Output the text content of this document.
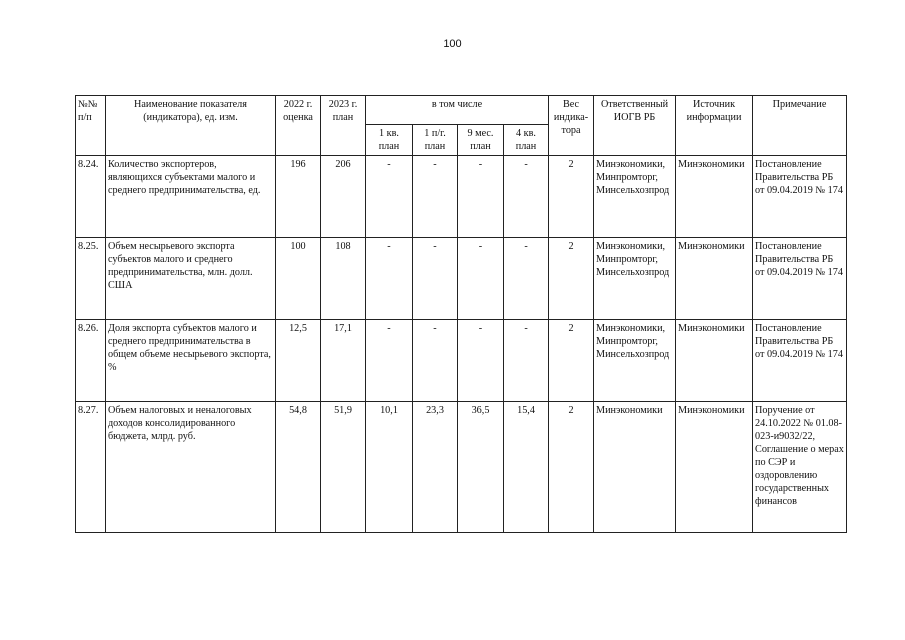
100
№№ п/п	Наименование показателя (индикатора), ед. изм.	2022 г. оценка	2023 г. план	в том числе				Вес индика-тора	Ответственный ИОГВ РБ	Источник информации	Примечание
				1 кв. план	1 п/г. план	9 мес. план	4 кв. план				
8.24.	Количество экспортеров, являющихся субъектами малого и среднего предпринимательства, ед.	196	206	-	-	-	-	2	Минэкономики, Минпромторг, Минсельхозпрод	Минэкономики	Постановление Правительства РБ от 09.04.2019 № 174
8.25.	Объем несырьевого экспорта субъектов малого и среднего предпринимательства, млн. долл. США	100	108	-	-	-	-	2	Минэкономики, Минпромторг, Минсельхозпрод	Минэкономики	Постановление Правительства РБ от 09.04.2019 № 174
8.26.	Доля экспорта субъектов малого и среднего предпринимательства в общем объеме несырьевого экспорта, %	12,5	17,1	-	-	-	-	2	Минэкономики, Минпромторг, Минсельхозпрод	Минэкономики	Постановление Правительства РБ от 09.04.2019 № 174
8.27.	Объем налоговых и неналоговых доходов консолидированного бюджета, млрд. руб.	54,8	51,9	10,1	23,3	36,5	15,4	2	Минэкономики	Минэкономики	Поручение от 24.10.2022 № 01.08-023-и9032/22, Соглашение о мерах по СЭР и оздоровлению государственных финансов
